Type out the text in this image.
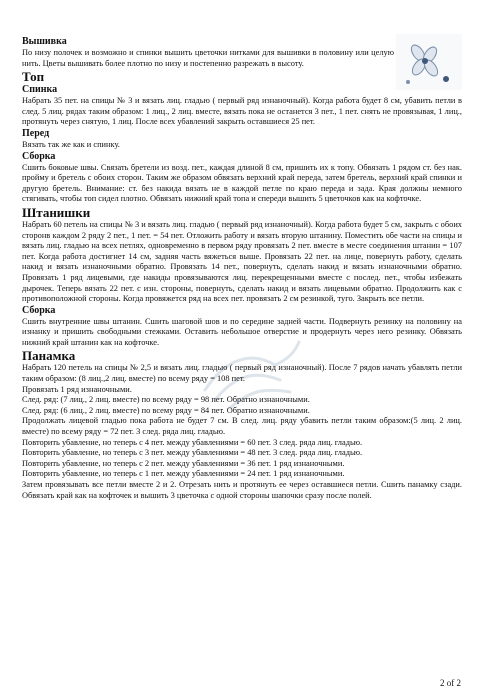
Вышивка

По низу полочек и возможно и спинки вышить цветочки нитками для вышивки в половину или целую нить. Цветы вышивать более плотно по низу и постепенно разрежать в высоту.

Топ
Спинка

Набрать 35 пет. на спицы № 3 и вязать лиц. гладью ( первый ряд изнаночный). Когда работа будет 8 см, убавить петли в след. 5 лиц. рядах таким образом: 1 лиц., 2 лиц. вместе, вязать пока не останется 3 пет., 1 пет. снять не провязывая, 1 лиц., протянуть через снятую, 1 лиц. После всех убавлений закрыть оставшиеся 25 пет.

Перед

Вязать так же как и спинку.

Сборка

Сшить боковые швы. Связать бретели из возд. пет., каждая длиной 8 см, пришить их к топу. Обвязать 1 рядом ст. без нак. пройму и бретель с обоих сторон. Таким же образом обвязать верхний край переда, затем бретель, верхний край спинки и другую бретель. Внимание: ст. без накида вязать не в каждой петле по краю переда и зада. Края должны немного стягивать, чтобы топ сидел плотно. Обвязать нижний край топа и спереди вышить 5 цветочков как на кофточке.

Штанишки

Набрать 60 петель на спицы № 3 и вязать лиц. гладью ( первый ряд изнаночный). Когда работа будет 5 см, закрыть с обоих сторонв каждом 2 ряду 2 пет., 1 пет. = 54 пет. Отложить работу и вязать вторую штанину. Поместить обе части на спицы и вязать лиц. гладью на всех петлях, одновременно в первом ряду провязать 2 пет. вместе в месте соединения штанин = 107 пет. Когда работа достигнет 14 см, задняя часть вяжеться выше. Провязать 22 пет. на лице, повернуть работу, сделать накид и вязать изнаночными обратно. Провязать 14 пет., повернуть, сделать накид и вязать изнаночными обратно. Провязать 1 ряд лицевыми, где накиды провязываются лиц. перекрещенными вместе с послед. пет., чтобы избежать дырочек. Теперь вязать 22 пет. с изн. стороны, повернуть, сделать накид и вязать лицевыми обратно. Продолжить как с противоположной стороны. Когда провяжется ряд на всех пет. провязать 2 см резинкой, туго. Закрыть все петли.

Сборка

Сшить внутренние швы штанин. Сшить шаговой шов и по середине задней части. Подвернуть резинку на половину на изнанку и пришить свободными стежками. Оставить небольшое отверстие и продернуть через него резинку. Обвязать нижний край штанин как на кофточке.

Панамка

Набрать 120 петель на спицы № 2,5 и вязать лиц. гладью ( первый ряд изнаночный). После 7 рядов начать убавлять петли таким образом: (8 лиц.,2 лиц. вместе) по всему ряду = 108 пет.

Провязать 1 ряд изнаночными.

След. ряд: (7 лиц., 2 лиц. вместе) по всему ряду = 98 пет. Обратно изнаночными.

След. ряд: (6 лиц., 2 лиц. вместе) по всему ряду = 84 пет. Обратно изнаночными.

Продолжать лицевой гладью пока работа не будет 7 см. В след. лиц. ряду убавить петли таким образом:(5 лиц. 2 лиц. вместе) по всему ряду = 72 пет. 3 след. ряда лиц. гладью.

Повторить убавление, но теперь с 4 пет. между убавлениями = 60 пет. 3 след. ряда лиц. гладью.

Повторить убавление, но теперь с 3 пет. между убавлениями = 48 пет. 3 след. ряда лиц. гладью.

Повторить убавление, но теперь с 2 пет. между убавлениями = 36 пет. 1 ряд изнаночными.

Повторить убавление, но теперь с 1 пет. между убавлениями = 24 пет. 1 ряд изнаночными.

Затем провязывать все петли вместе 2 и 2. Отрезать нить и протянуть ее через оставшиеся петли. Сшить панамку сзади. Обвязать край как на кофточек и вышить 3 цветочка с одной стороны шапочки сразу после полей.

2 of 2
